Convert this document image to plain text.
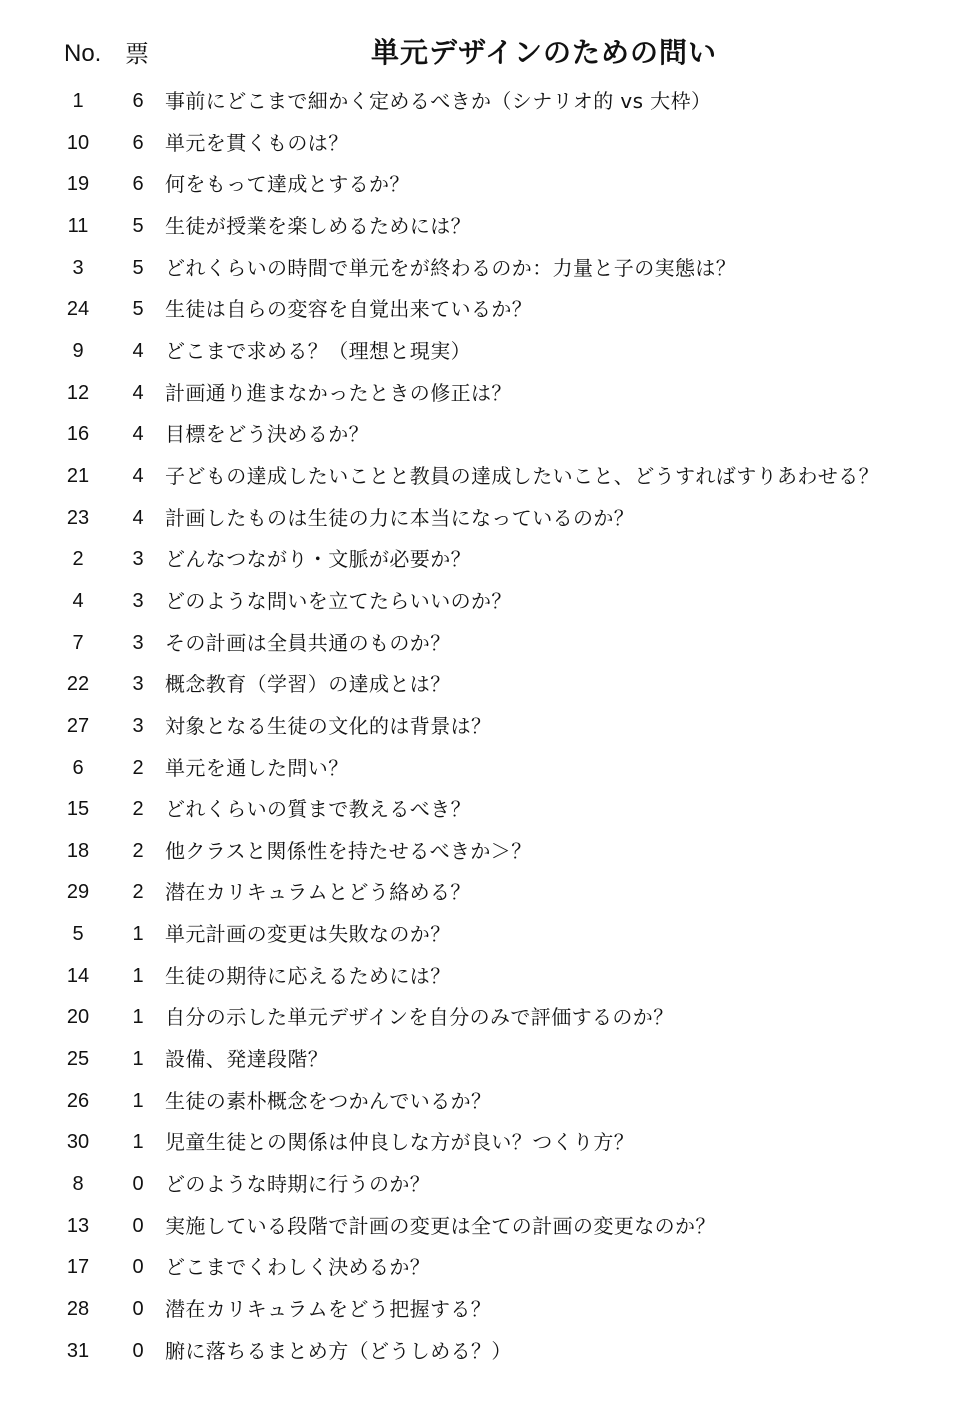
No. 票	単元デザインのための問い
1	6	事前にどこまで細かく定めるべきか（シナリオ的 vs 大枠）
10	6	単元を貫くものは？
19	6	何をもって達成とするか？
11	5	生徒が授業を楽しめるためには？
3	5	どれくらいの時間で単元をが終わるのか：力量と子の実態は？
24	5	生徒は自らの変容を自覚出来ているか？
9	4	どこまで求める？（理想と現実）
12	4	計画通り進まなかったときの修正は？
16	4	目標をどう決めるか？
21	4	子どもの達成したいことと教員の達成したいこと、どうすればすりあわせる？
23	4	計画したものは生徒の力に本当になっているのか？
2	3	どんなつながり・文脈が必要か？
4	3	どのような問いを立てたらいいのか？
7	3	その計画は全員共通のものか？
22	3	概念教育（学習）の達成とは？
27	3	対象となる生徒の文化的は背景は？
6	2	単元を通した問い？
15	2	どれくらいの質まで教えるべき？
18	2	他クラスと関係性を持たせるべきか＞？
29	2	潜在カリキュラムとどう絡める？
5	1	単元計画の変更は失敗なのか？
14	1	生徒の期待に応えるためには？
20	1	自分の示した単元デザインを自分のみで評価するのか？
25	1	設備、発達段階？
26	1	生徒の素朴概念をつかんでいるか？
30	1	児童生徒との関係は仲良しな方が良い？つくり方？
8	0	どのような時期に行うのか？
13	0	実施している段階で計画の変更は全ての計画の変更なのか？
17	0	どこまでくわしく決めるか？
28	0	潜在カリキュラムをどう把握する？
31	0	腑に落ちるまとめ方（どうしめる？）
